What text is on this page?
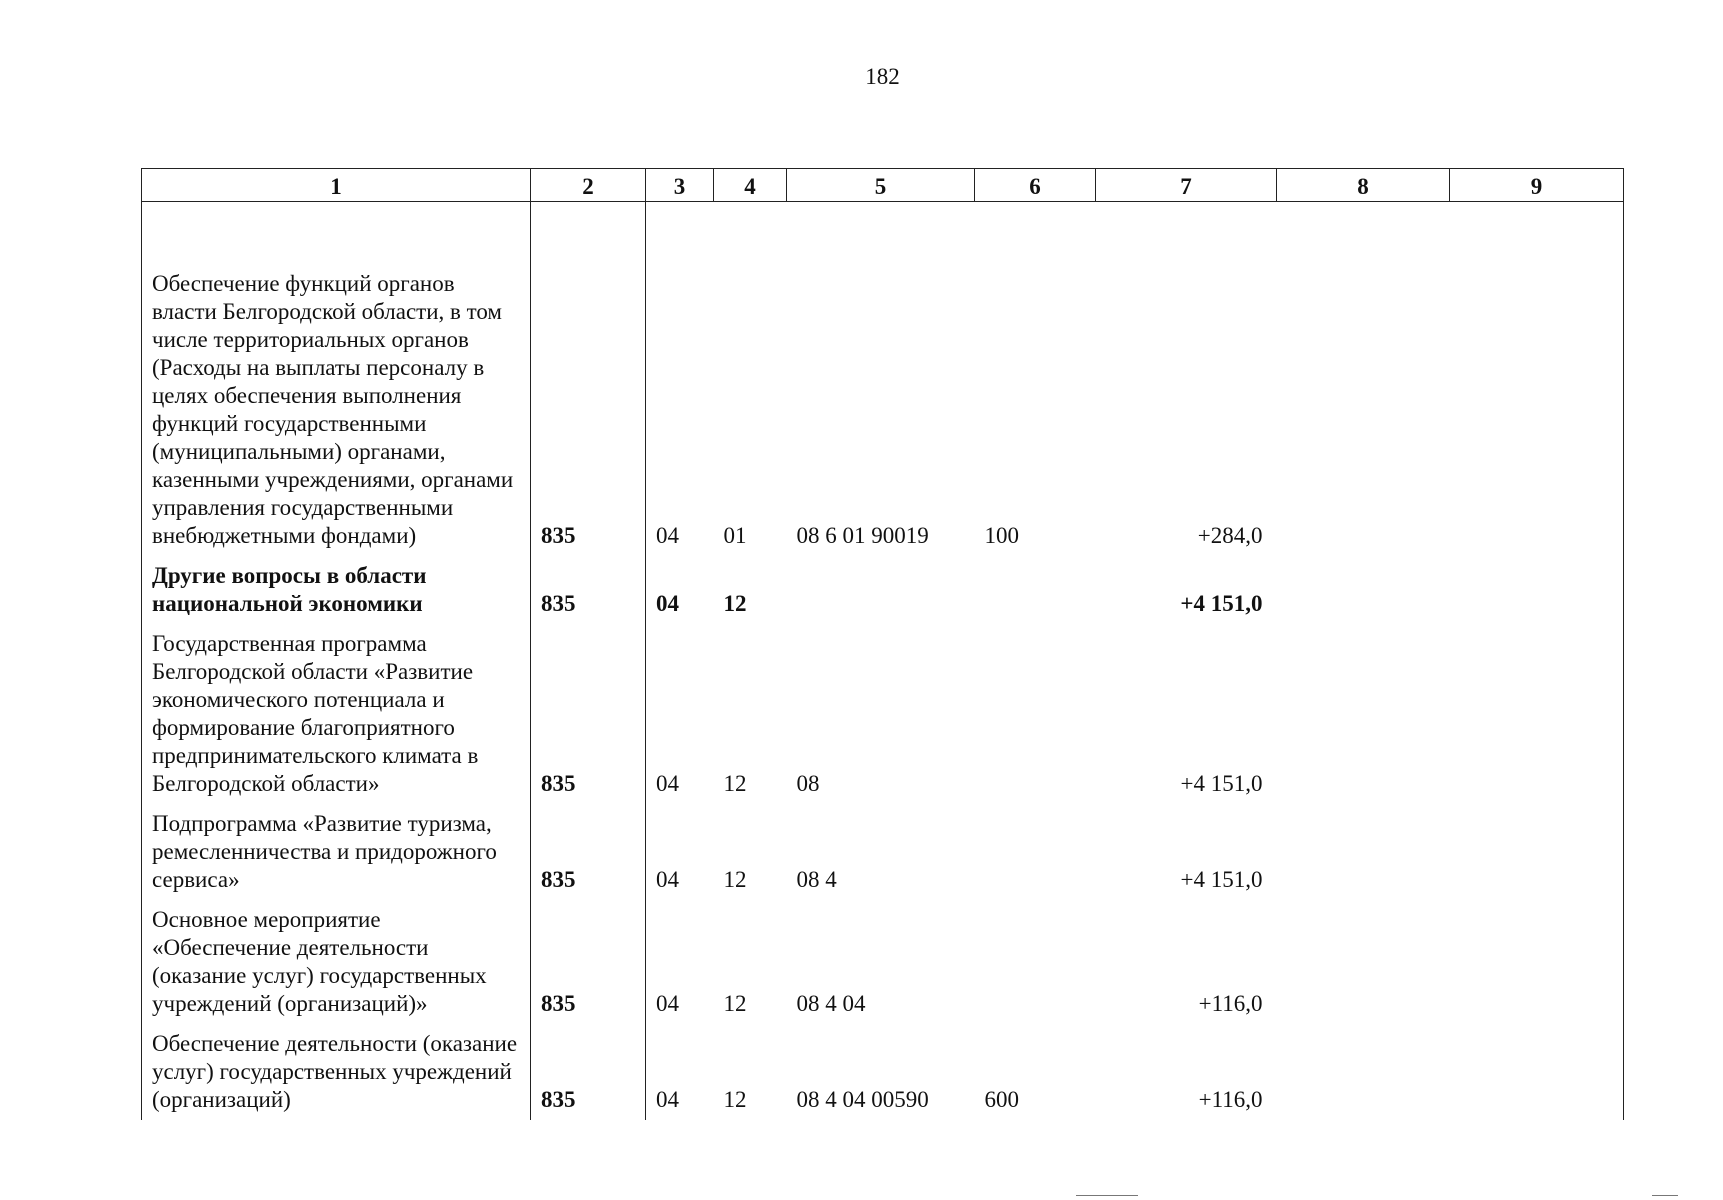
182
1	2	3	4	5	6	7	8	9
Обеспечение функций органов власти Белгородской области, в том числе территориальных органов (Расходы на выплаты персоналу в целях обеспечения выполнения функций государственными (муниципальными) органами, казенными учреждениями, органами управления государственными внебюджетными фондами)	835	04	01	08 6 01 90019	100	+284,0		
Другие вопросы в области национальной экономики	835	04	12			+4 151,0		
Государственная программа Белгородской области «Развитие экономического потенциала и формирование благоприятного предпринимательского климата в Белгородской области»	835	04	12	08		+4 151,0		
Подпрограмма «Развитие туризма, ремесленничества и придорожного сервиса»	835	04	12	08 4		+4 151,0		
Основное мероприятие «Обеспечение деятельности (оказание услуг) государственных учреждений (организаций)»	835	04	12	08 4 04		+116,0		
Обеспечение деятельности (оказание услуг) государственных учреждений (организаций)	835	04	12	08 4 04 00590	600	+116,0		
